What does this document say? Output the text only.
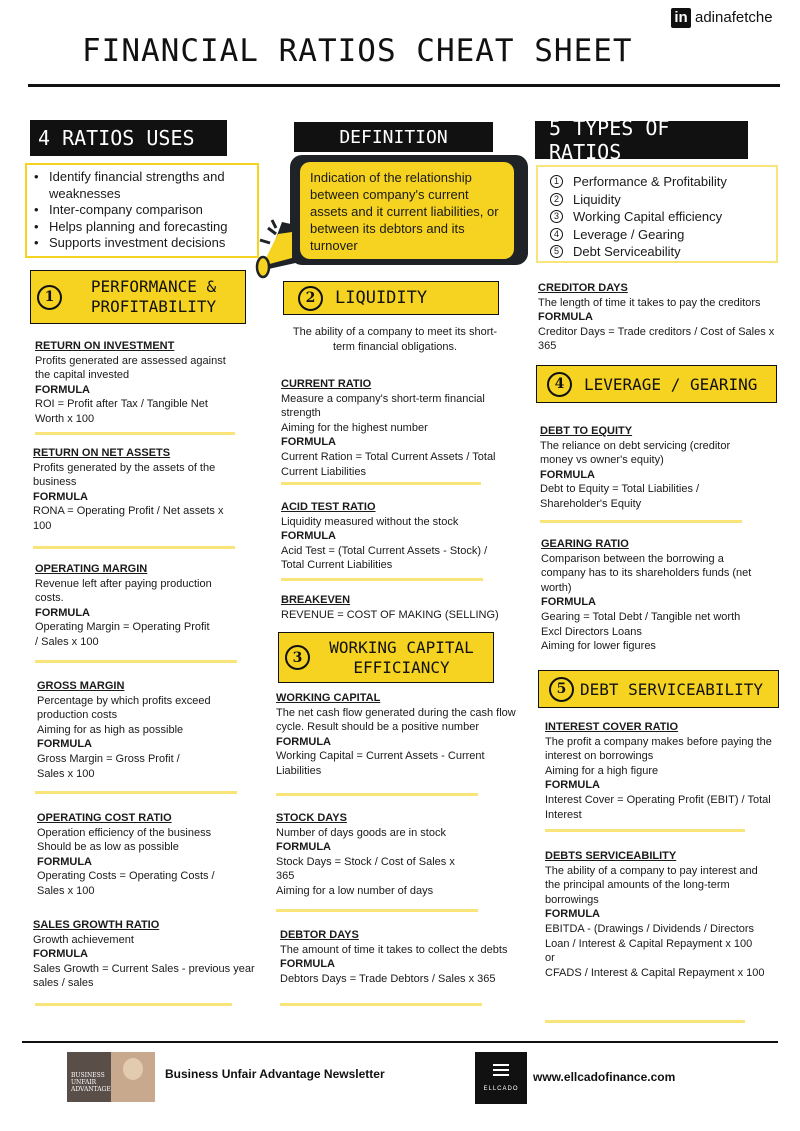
in adinafetche
FINANCIAL RATIOS CHEAT SHEET
4 RATIOS USES
• Identify financial strengths and weaknesses
• Inter-company comparison
• Helps planning and forecasting
• Supports investment decisions
DEFINITION
Indication of the relationship between company's current assets and it current liabilities, or between its debtors and its turnover
5 TYPES OF RATIOS
1	Performance & Profitability
2	Liquidity
3	Working Capital efficiency
4	Leverage / Gearing
5	Debt Serviceability
1
PERFORMANCE &
PROFITABILITY
RETURN ON INVESTMENT
Profits generated are assessed against the capital invested
FORMULA
ROI = Profit after Tax / Tangible Net Worth x 100
RETURN ON NET ASSETS
Profits generated by the assets of the business
FORMULA
RONA = Operating Profit / Net assets x 100
OPERATING MARGIN
Revenue left after paying production costs.
FORMULA
Operating Margin = Operating Profit / Sales x 100
GROSS MARGIN
Percentage by which profits exceed production costs
Aiming for as high as possible
FORMULA
Gross Margin = Gross Profit / Sales x 100
OPERATING COST RATIO
Operation efficiency of the business
Should be as low as possible
FORMULA
Operating Costs = Operating Costs / Sales x 100
SALES GROWTH RATIO
Growth achievement
FORMULA
Sales Growth = Current Sales - previous year sales / sales
2	LIQUIDITY
The ability of a company to meet its short-term financial obligations.
CURRENT RATIO
Measure a company's short-term financial strength
Aiming for the highest number
FORMULA
Current Ration = Total Current Assets / Total Current Liabilities
ACID TEST RATIO
Liquidity measured without the stock
FORMULA
Acid Test = (Total Current Assets - Stock) / Total Current Liabilities
BREAKEVEN
REVENUE = COST OF MAKING (SELLING)
3
WORKING CAPITAL
EFFICIANCY
WORKING CAPITAL
The net cash flow generated during the cash flow cycle. Result should be a positive number
FORMULA
Working Capital = Current Assets - Current Liabilities
STOCK DAYS
Number of days goods are in stock
FORMULA
Stock Days = Stock / Cost of Sales x 365
Aiming for a low number of days
DEBTOR DAYS
The amount of time it takes to collect the debts
FORMULA
Debtors Days = Trade Debtors / Sales x 365
CREDITOR DAYS
The length of time it takes to pay the creditors
FORMULA
Creditor Days = Trade creditors / Cost of Sales x 365
4	LEVERAGE / GEARING
DEBT TO EQUITY
The reliance on debt servicing (creditor money vs owner's equity)
FORMULA
Debt to Equity = Total Liabilities / Shareholder's Equity
GEARING RATIO
Comparison between the borrowing a company has to its shareholders funds (net worth)
FORMULA
Gearing = Total Debt / Tangible net worth
Excl Directors Loans
Aiming for lower figures
5 DEBT SERVICEABILITY
INTEREST COVER RATIO
The profit a company makes before paying the interest on borrowings
Aiming for a high figure
FORMULA
Interest Cover = Operating Profit (EBIT) / Total Interest
DEBTS SERVICEABILITY
The ability of a company to pay interest and the principal amounts of the long-term borrowings
FORMULA
EBITDA - (Drawings / Dividends / Directors Loan / Interest & Capital Repayment x 100
or
CFADS / Interest & Capital Repayment x 100
BUSINESS UNFAIR ADVANTAGE
Business Unfair Advantage Newsletter
ELLCADO
www.ellcadofinance.com
